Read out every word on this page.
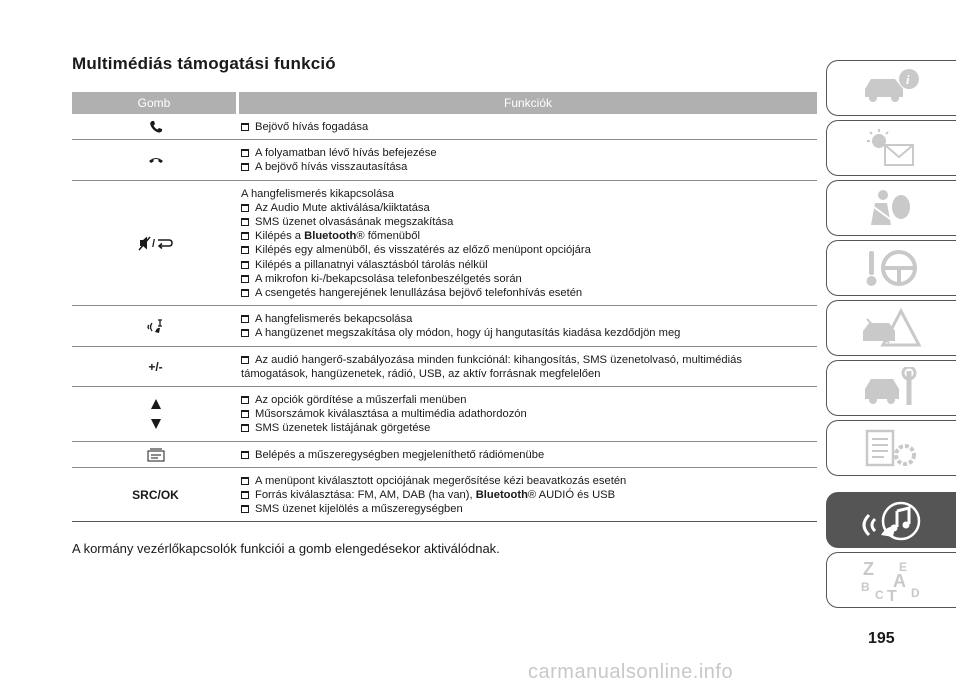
Multimédiás támogatási funkció
Gomb	Funkciók
Bejövő hívás fogadása
A folyamatban lévő hívás befejezése
A bejövő hívás visszautasítása
/
A hangfelismerés kikapcsolása
Az Audio Mute aktiválása/kiiktatása
SMS üzenet olvasásának megszakítása
Kilépés a Bluetooth® főmenüből
Kilépés egy almenüből, és visszatérés az előző menüpont opciójára
Kilépés a pillanatnyi választásból tárolás nélkül
A mikrofon ki-/bekapcsolása telefonbeszélgetés során
A csengetés hangerejének lenullázása bejövő telefonhívás esetén
A hangfelismerés bekapcsolása
A hangüzenet megszakítása oly módon, hogy új hangutasítás kiadása kezdődjön meg
+/-
Az audió hangerő-szabályozása minden funkciónál: kihangosítás, SMS üzenetolvasó, multimédiás
támogatások, hangüzenetek, rádió, USB, az aktív forrásnak megfelelően
Az opciók gördítése a műszerfali menüben
Műsorszámok kiválasztása a multimédia adathordozón
SMS üzenetek listájának görgetése
Belépés a műszeregységben megjeleníthető rádiómenübe
SRC/OK
A menüpont kiválasztott opciójának megerősítése kézi beavatkozás esetén
Forrás kiválasztása: FM, AM, DAB (ha van), Bluetooth® AUDIÓ és USB
SMS üzenet kijelölés a műszeregységben
A kormány vezérlőkapcsolók funkciói a gomb elengedésekor aktiválódnak.
i
Z E
A
B
C T D
195
carmanualsonline.info
